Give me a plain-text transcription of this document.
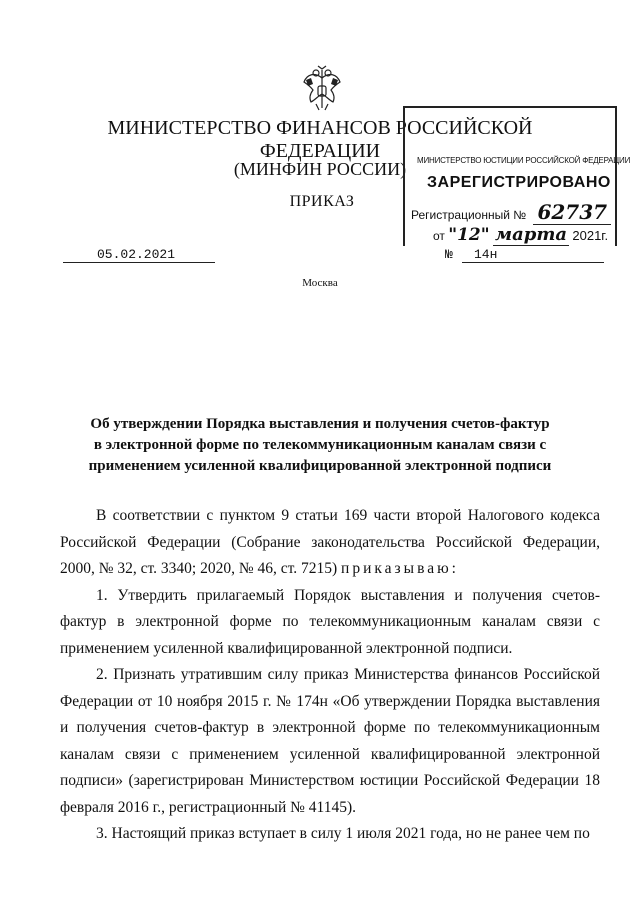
МИНИСТЕРСТВО ФИНАНСОВ РОССИЙСКОЙ ФЕДЕРАЦИИ
(МИНФИН РОССИИ)
ПРИКАЗ
МИНИСТЕРСТВО ЮСТИЦИИ РОССИЙСКОЙ ФЕДЕРАЦИИ
ЗАРЕГИСТРИРОВАНО
Регистрационный № 62737
от "12" марта 2021г.
05.02.2021	№	14н
Москва
Об утверждении Порядка выставления и получения счетов-фактур
в электронной форме по телекоммуникационным каналам связи с
применением усиленной квалифицированной электронной подписи

В соответствии с пунктом 9 статьи 169 части второй Налогового кодекса Российской Федерации (Собрание законодательства Российской Федерации, 2000, № 32, ст. 3340; 2020, № 46, ст. 7215) приказываю:

1. Утвердить прилагаемый Порядок выставления и получения счетов-фактур в электронной форме по телекоммуникационным каналам связи с применением усиленной квалифицированной электронной подписи.

2. Признать утратившим силу приказ Министерства финансов Российской Федерации от 10 ноября 2015 г. № 174н «Об утверждении Порядка выставления и получения счетов-фактур в электронной форме по телекоммуникационным каналам связи с применением усиленной квалифицированной электронной подписи» (зарегистрирован Министерством юстиции Российской Федерации 18 февраля 2016 г., регистрационный № 41145).

3. Настоящий приказ вступает в силу 1 июля 2021 года, но не ранее чем по
